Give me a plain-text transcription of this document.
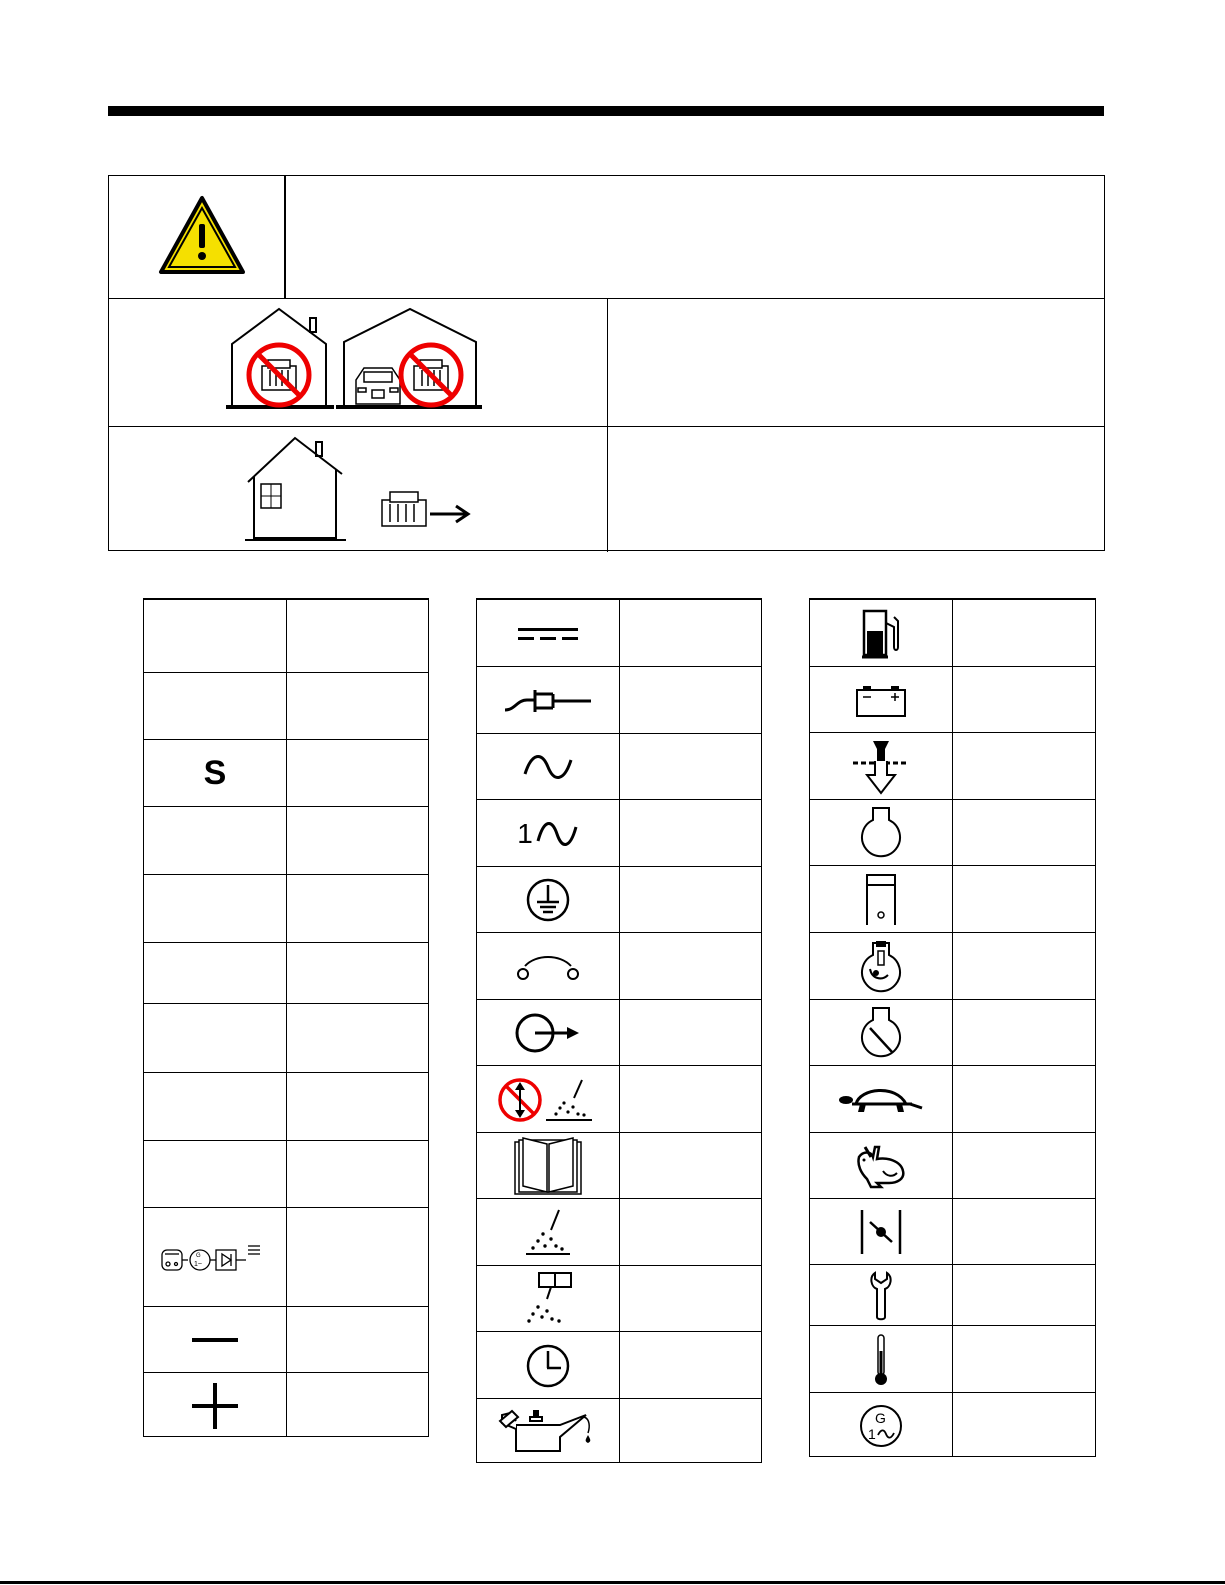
S
G
1~
1
G
1
